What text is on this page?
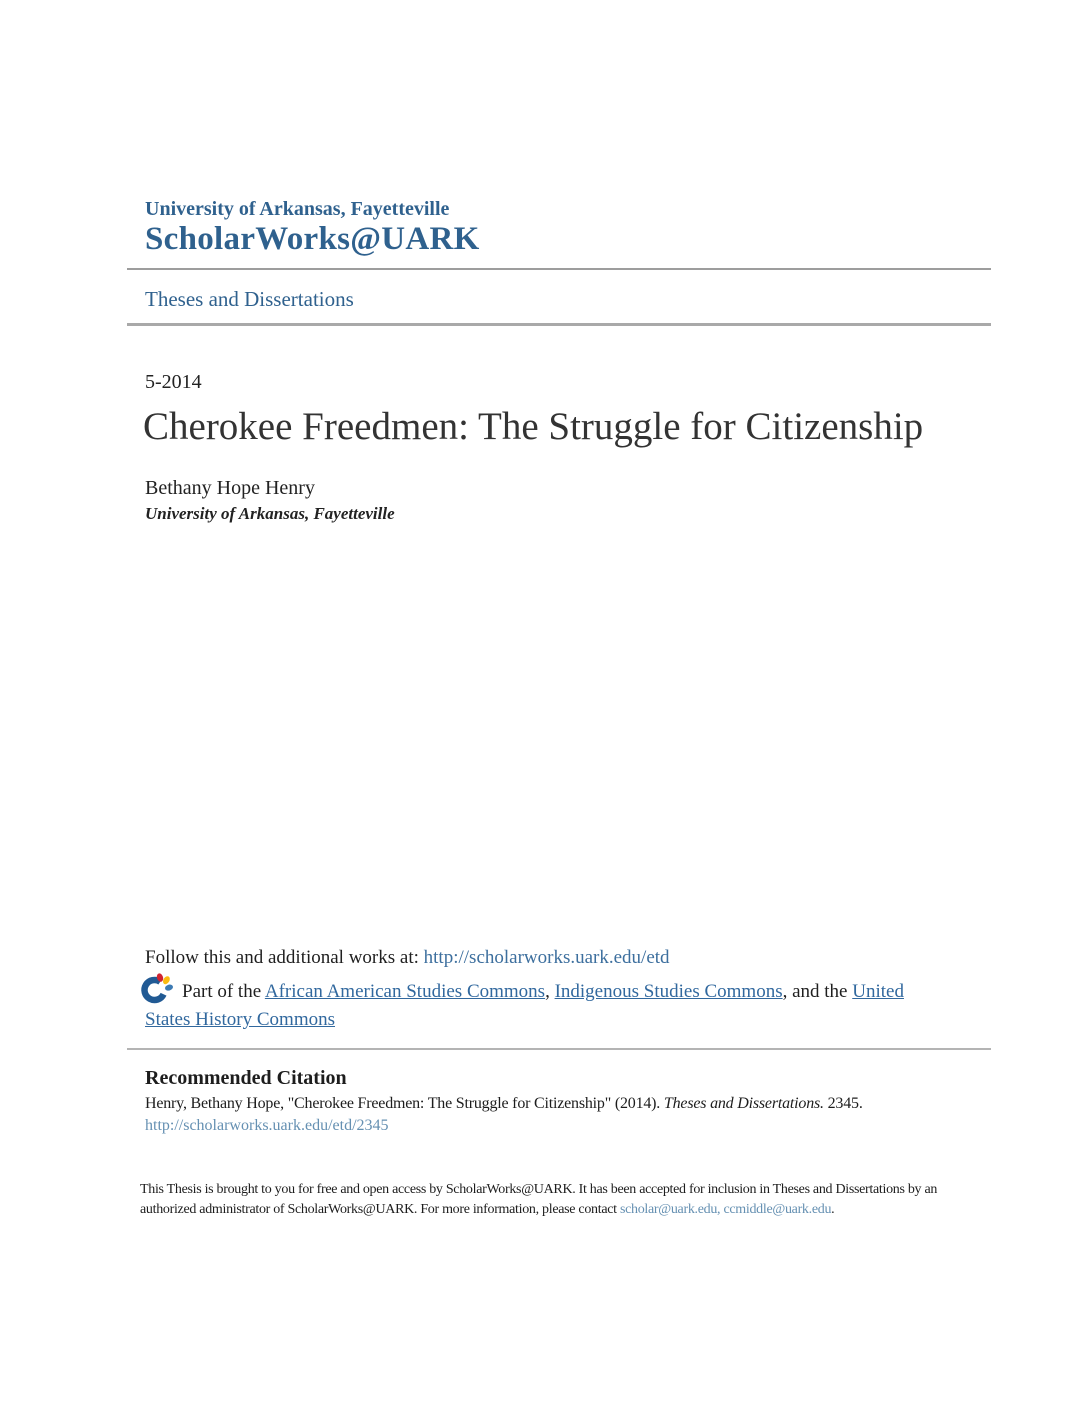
University of Arkansas, Fayetteville
ScholarWorks@UARK
Theses and Dissertations
5-2014
Cherokee Freedmen: The Struggle for Citizenship
Bethany Hope Henry
University of Arkansas, Fayetteville
Follow this and additional works at: http://scholarworks.uark.edu/etd
Part of the African American Studies Commons, Indigenous Studies Commons, and the United
States History Commons
Recommended Citation
Henry, Bethany Hope, "Cherokee Freedmen: The Struggle for Citizenship" (2014). Theses and Dissertations. 2345.
http://scholarworks.uark.edu/etd/2345
This Thesis is brought to you for free and open access by ScholarWorks@UARK. It has been accepted for inclusion in Theses and Dissertations by an
authorized administrator of ScholarWorks@UARK. For more information, please contact scholar@uark.edu, ccmiddle@uark.edu.
